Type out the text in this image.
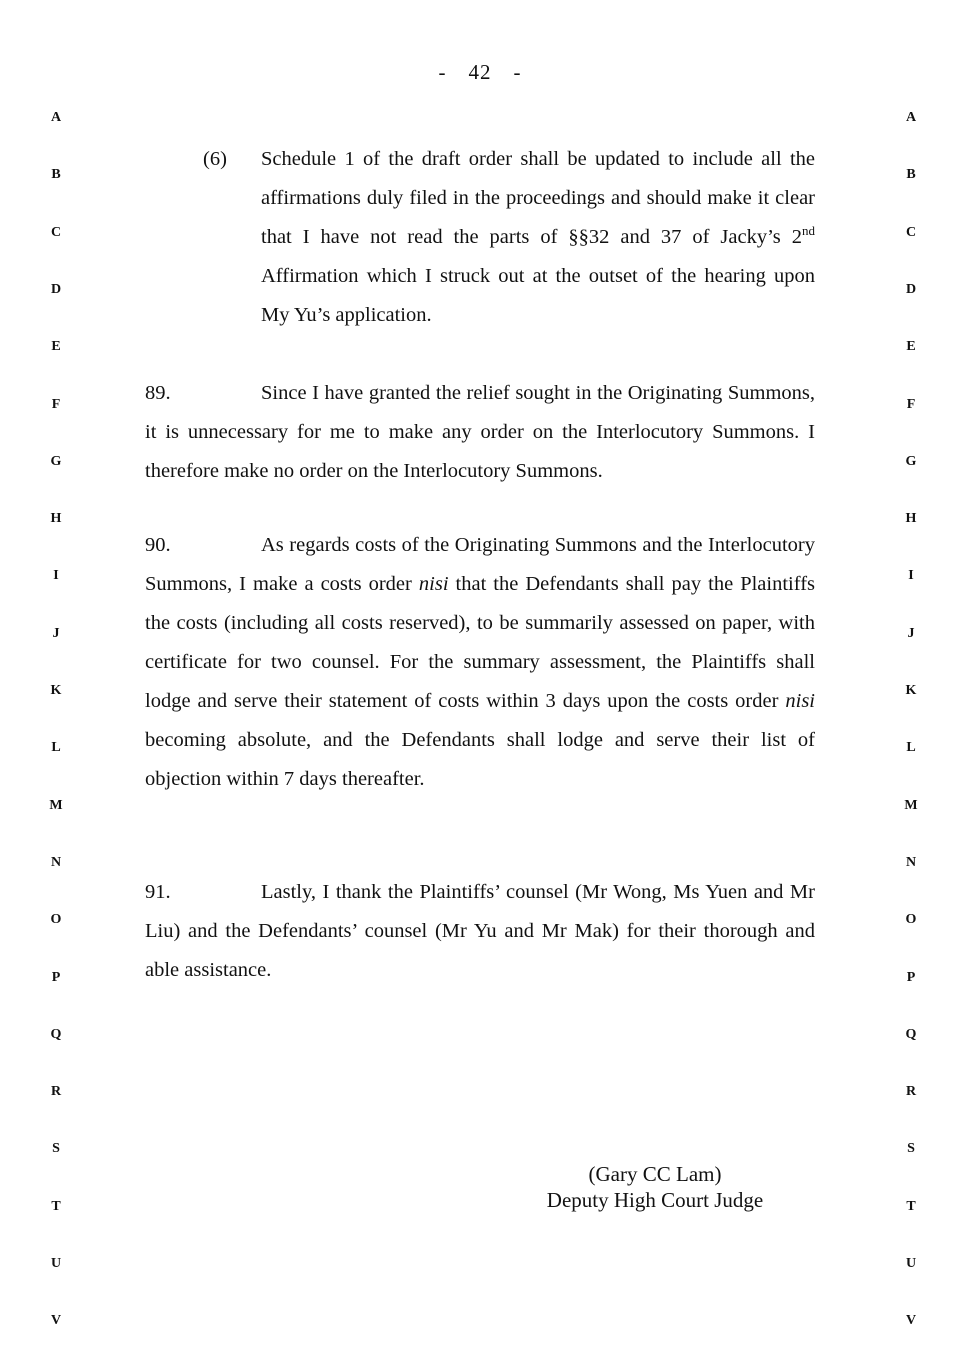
- 42 -
A
B
C
D
E
F
G
H
I
J
K
L
M
N
O
P
Q
R
S
T
U
V
A
B
C
D
E
F
G
H
I
J
K
L
M
N
O
P
Q
R
S
T
U
V
(6) Schedule 1 of the draft order shall be updated to include all the affirmations duly filed in the proceedings and should make it clear that I have not read the parts of §§32 and 37 of Jacky’s 2nd Affirmation which I struck out at the outset of the hearing upon My Yu’s application.
89.	Since I have granted the relief sought in the Originating Summons, it is unnecessary for me to make any order on the Interlocutory Summons. I therefore make no order on the Interlocutory Summons.
90.	As regards costs of the Originating Summons and the Interlocutory Summons, I make a costs order nisi that the Defendants shall pay the Plaintiffs the costs (including all costs reserved), to be summarily assessed on paper, with certificate for two counsel. For the summary assessment, the Plaintiffs shall lodge and serve their statement of costs within 3 days upon the costs order nisi becoming absolute, and the Defendants shall lodge and serve their list of objection within 7 days thereafter.
91.	Lastly, I thank the Plaintiffs’ counsel (Mr Wong, Ms Yuen and Mr Liu) and the Defendants’ counsel (Mr Yu and Mr Mak) for their thorough and able assistance.
(Gary CC Lam)
Deputy High Court Judge
